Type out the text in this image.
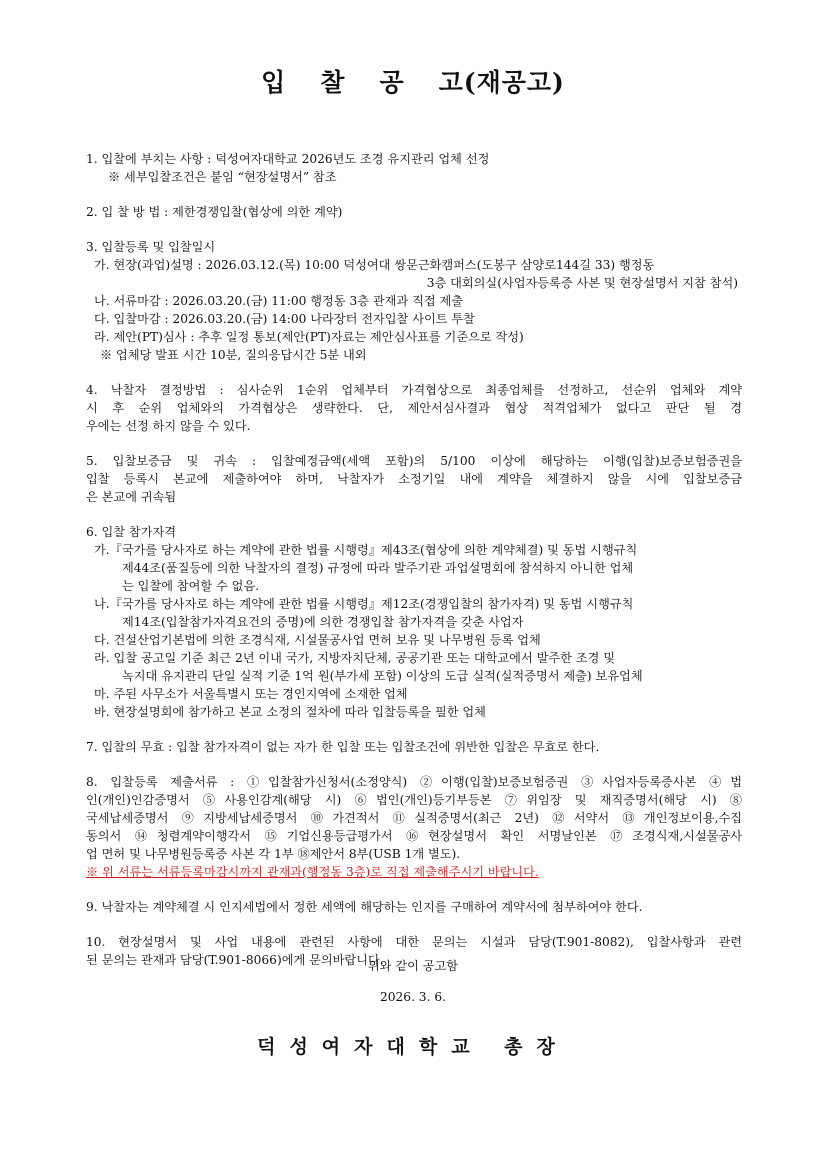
입 찰 공 고(재공고)
1. 입찰에 부치는 사항 : 덕성여자대학교 2026년도 조경 유지관리 업체 선정
※ 세부입찰조건은 붙임 “현장설명서” 참조
2. 입 찰 방 법 : 제한경쟁입찰(협상에 의한 계약)
3. 입찰등록 및 입찰일시
가. 현장(과업)설명 : 2026.03.12.(목) 10:00 덕성여대 쌍문근화캠퍼스(도봉구 삼양로144길 33) 행정동
3층 대회의실(사업자등록증 사본 및 현장설명서 지참 참석)
나. 서류마감 : 2026.03.20.(금) 11:00 행정동 3층 관재과 직접 제출
다. 입찰마감 : 2026.03.20.(금) 14:00 나라장터 전자입찰 사이트 투찰
라. 제안(PT)심사 : 추후 일정 통보(제안(PT)자료는 제안심사표를 기준으로 작성)
※ 업체당 발표 시간 10분, 질의응답시간 5분 내외
4. 낙찰자 결정방법 : 심사순위 1순위 업체부터 가격협상으로 최종업체를 선정하고, 선순위 업체와 계약
시 후 순위 업체와의 가격협상은 생략한다. 단, 제안서심사결과 협상 적격업체가 없다고 판단 될 경
우에는 선정 하지 않을 수 있다.
5. 입찰보증금 및 귀속 : 입찰예정금액(세액 포함)의 5/100 이상에 해당하는 이행(입찰)보증보험증권을
입찰 등록시 본교에 제출하여야 하며, 낙찰자가 소정기일 내에 계약을 체결하지 않을 시에 입찰보증금
은 본교에 귀속됨
6. 입찰 참가자격
가.『국가를 당사자로 하는 계약에 관한 법률 시행령』제43조(협상에 의한 계약체결) 및 동법 시행규칙
제44조(품질등에 의한 낙찰자의 결정) 규정에 따라 발주기관 과업설명회에 참석하지 아니한 업체
는 입찰에 참여할 수 없음.
나.『국가를 당사자로 하는 계약에 관한 법률 시행령』제12조(경쟁입찰의 참가자격) 및 동법 시행규칙
제14조(입찰참가자격요건의 증명)에 의한 경쟁입찰 참가자격을 갖춘 사업자
다. 건설산업기본법에 의한 조경식재, 시설물공사업 면허 보유 및 나무병원 등록 업체
라. 입찰 공고일 기준 최근 2년 이내 국가, 지방자치단체, 공공기관 또는 대학교에서 발주한 조경 및
녹지대 유지관리 단일 실적 기준 1억 원(부가세 포함) 이상의 도급 실적(실적증명서 제출) 보유업체
마. 주된 사무소가 서울특별시 또는 경인지역에 소재한 업체
바. 현장설명회에 참가하고 본교 소정의 절차에 따라 입찰등록을 필한 업체
7. 입찰의 무효 : 입찰 참가자격이 없는 자가 한 입찰 또는 입찰조건에 위반한 입찰은 무효로 한다.
8. 입찰등록 제출서류 : ①입찰참가신청서(소정양식) ②이행(입찰)보증보험증권 ③사업자등록증사본 ④법
인(개인)인감증명서 ⑤사용인감계(해당 시) ⑥법인(개인)등기부등본 ⑦위임장 및 재직증명서(해당 시) ⑧
국세납세증명서 ⑨지방세납세증명서 ⑩가견적서 ⑪실적증명서(최근 2년) ⑫서약서 ⑬개인정보이용,수집
동의서 ⑭청렴계약이행각서 ⑮기업신용등급평가서 ⑯현장설명서 확인 서명날인본 ⑰조경식재,시설물공사
업 면허 및 나무병원등록증 사본 각 1부 ⑱제안서 8부(USB 1개 별도).
※ 위 서류는 서류등록마감시까지 관재과(행정동 3층)로 직접 제출해주시기 바랍니다.
9. 낙찰자는 계약체결 시 인지세법에서 정한 세액에 해당하는 인지를 구매하여 계약서에 첨부하여야 한다.
10. 현장설명서 및 사업 내용에 관련된 사항에 대한 문의는 시설과 담당(T.901-8082), 입찰사항과 관련
된 문의는 관재과 담당(T.901-8066)에게 문의바랍니다.
위와 같이 공고함
2026. 3. 6.
덕성여자대학교 총장
